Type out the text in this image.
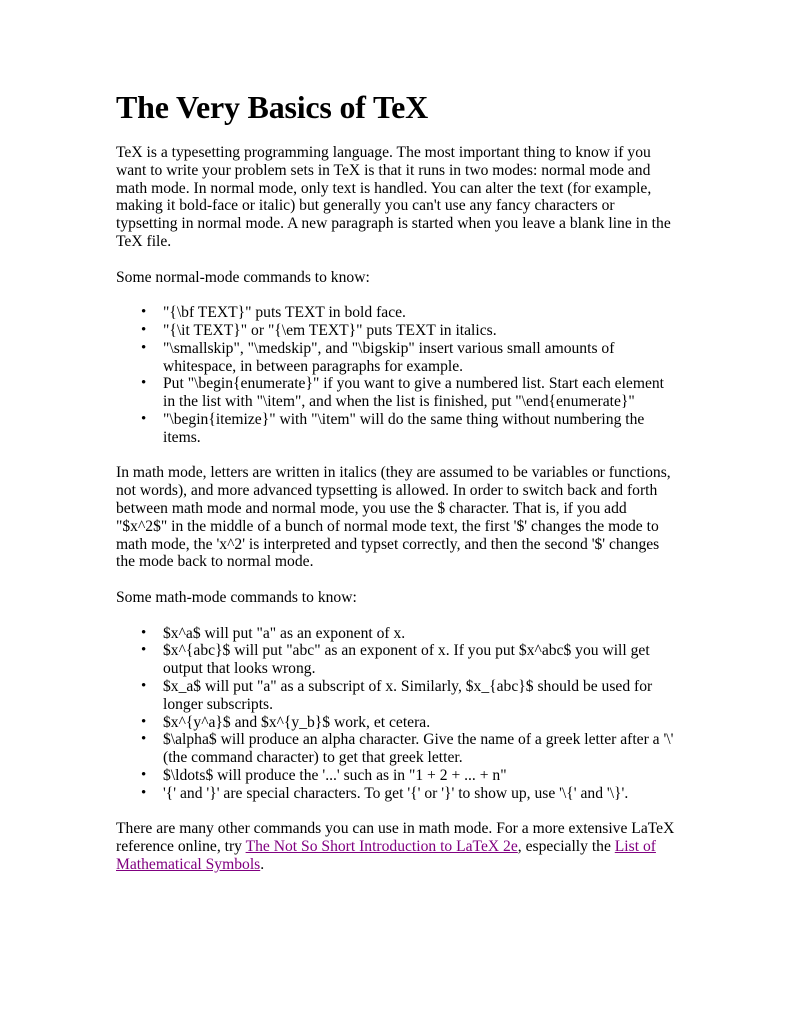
The Very Basics of TeX

TeX is a typesetting programming language. The most important thing to know if you want to write your problem sets in TeX is that it runs in two modes: normal mode and math mode. In normal mode, only text is handled. You can alter the text (for example, making it bold-face or italic) but generally you can't use any fancy characters or typsetting in normal mode. A new paragraph is started when you leave a blank line in the TeX file.

Some normal-mode commands to know:

• "{\bf TEXT}" puts TEXT in bold face.
• "{\it TEXT}" or "{\em TEXT}" puts TEXT in italics.
• "\smallskip", "\medskip", and "\bigskip" insert various small amounts of whitespace, in between paragraphs for example.
• Put "\begin{enumerate}" if you want to give a numbered list. Start each element in the list with "\item", and when the list is finished, put "\end{enumerate}"
• "\begin{itemize}" with "\item" will do the same thing without numbering the items.

In math mode, letters are written in italics (they are assumed to be variables or functions, not words), and more advanced typsetting is allowed. In order to switch back and forth between math mode and normal mode, you use the $ character. That is, if you add "$x^2$" in the middle of a bunch of normal mode text, the first '$' changes the mode to math mode, the 'x^2' is interpreted and typset correctly, and then the second '$' changes the mode back to normal mode.

Some math-mode commands to know:

• $x^a$ will put "a" as an exponent of x.
• $x^{abc}$ will put "abc" as an exponent of x. If you put $x^abc$ you will get output that looks wrong.
• $x_a$ will put "a" as a subscript of x. Similarly, $x_{abc}$ should be used for longer subscripts.
• $x^{y^a}$ and $x^{y_b}$ work, et cetera.
• $\alpha$ will produce an alpha character. Give the name of a greek letter after a '\' (the command character) to get that greek letter.
• $\ldots$ will produce the '...' such as in "1 + 2 + ... + n"
• '{' and '}' are special characters. To get '{' or '}' to show up, use '\{' and '\}'.

There are many other commands you can use in math mode. For a more extensive LaTeX reference online, try The Not So Short Introduction to LaTeX 2e, especially the List of Mathematical Symbols.
